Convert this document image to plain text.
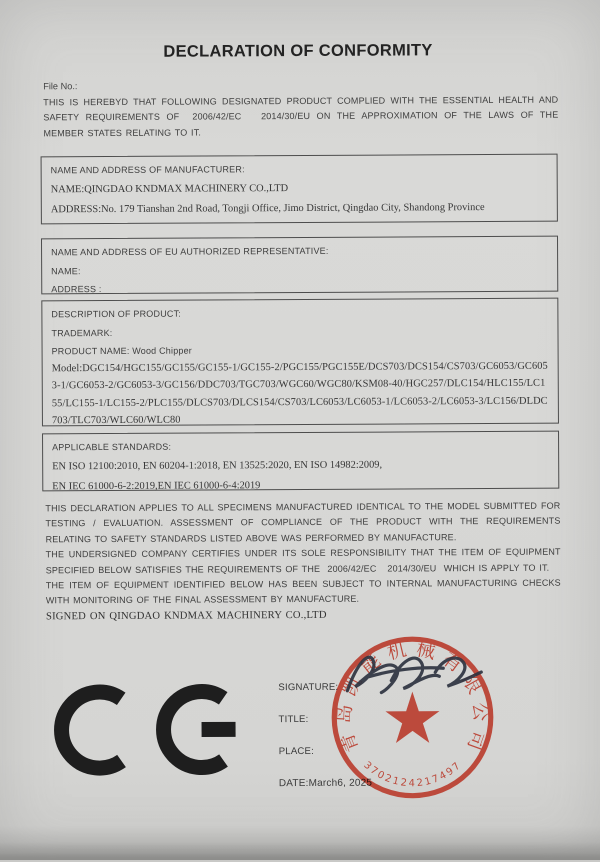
DECLARATION OF CONFORMITY
File No.:
THIS IS HEREBYD THAT FOLLOWING DESIGNATED PRODUCT COMPLIED WITH THE ESSENTIAL HEALTH AND SAFETY REQUIREMENTS OF  2006/42/EC   2014/30/EU ON THE APPROXIMATION OF THE LAWS OF THE MEMBER STATES RELATING TO IT.
NAME AND ADDRESS OF MANUFACTURER:
NAME:QINGDAO KNDMAX MACHINERY CO.,LTD
ADDRESS:No. 179 Tianshan 2nd Road, Tongji Office, Jimo District, Qingdao City, Shandong Province
NAME AND ADDRESS OF EU AUTHORIZED REPRESENTATIVE:
NAME:
ADDRESS :
DESCRIPTION OF PRODUCT:
TRADEMARK:
PRODUCT NAME: Wood Chipper
Model:DGC154/HGC155/GC155/GC155-1/GC155-2/PGC155/PGC155E/DCS703/DCS154/CS703/GC6053/GC6053-1/GC6053-2/GC6053-3/GC156/DDC703/TGC703/WGC60/WGC80/KSM08-40/HGC257/DLC154/HLC155/LC155/LC155-1/LC155-2/PLC155/DLCS703/DLCS154/CS703/LC6053/LC6053-1/LC6053-2/LC6053-3/LC156/DLDC703/TLC703/WLC60/WLC80
APPLICABLE STANDARDS:
EN ISO 12100:2010, EN 60204-1:2018, EN 13525:2020, EN ISO 14982:2009,
EN IEC 61000-6-2:2019,EN IEC 61000-6-4:2019

THIS DECLARATION APPLIES TO ALL SPECIMENS MANUFACTURED IDENTICAL TO THE MODEL SUBMITTED FOR TESTING / EVALUATION. ASSESSMENT OF COMPLIANCE OF THE PRODUCT WITH THE REQUIREMENTS RELATING TO SAFETY STANDARDS LISTED ABOVE WAS PERFORMED BY MANUFACTURE.

THE UNDERSIGNED COMPANY CERTIFIES UNDER ITS SOLE RESPONSIBILITY THAT THE ITEM OF EQUIPMENT SPECIFIED BELOW SATISFIES THE REQUIREMENTS OF THE  2006/42/EC   2014/30/EU  WHICH IS APPLY TO IT.

THE ITEM OF EQUIPMENT IDENTIFIED BELOW HAS BEEN SUBJECT TO INTERNAL MANUFACTURING CHECKS WITH MONITORING OF THE FINAL ASSESSMENT BY MANUFACTURE.

SIGNED ON QINGDAO KNDMAX MACHINERY CO.,LTD

SIGNATURE:
TITLE:
PLACE:
DATE:March6, 2025
青岛凯能机械有限公司
3702124217497
